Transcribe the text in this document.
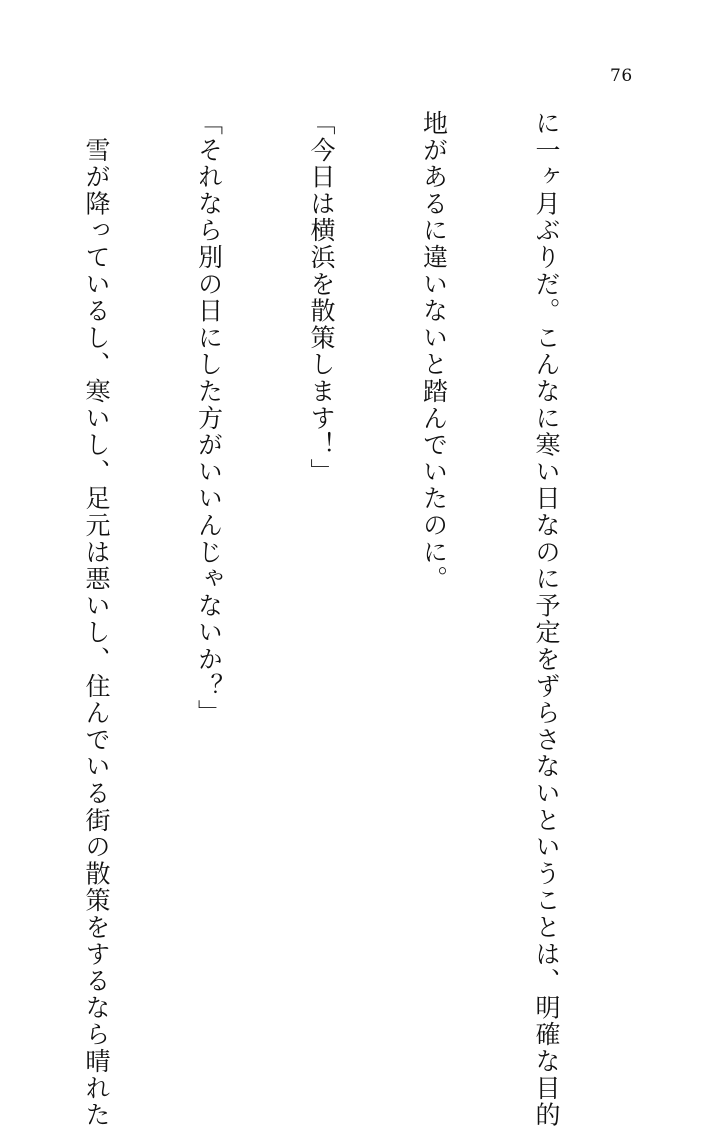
76

に一ヶ月ぶりだ。こんなに寒い日なのに予定をずらさないということは、明確な目的

地があるに違いないと踏んでいたのに。

「今日は横浜を散策します！」

「それなら別の日にした方がいいんじゃないか？」

　雪が降っているし、寒いし、足元は悪いし、住んでいる街の散策をするなら晴れた
